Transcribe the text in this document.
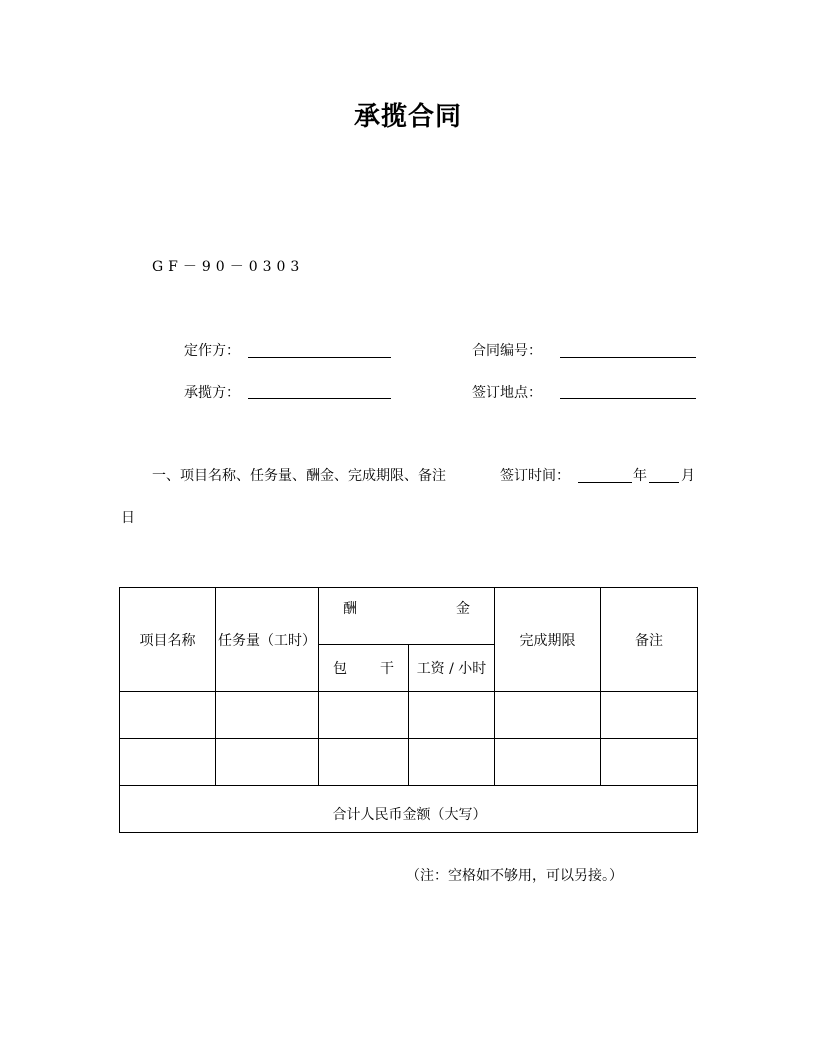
承揽合同
GF－90－0303
定作方：	合同编号：
承揽方：	签订地点：
一、项目名称、任务量、酬金、完成期限、备注	签订时间：	年 月
日
项目名称	任务量（工时）	酬 金		完成期限	备注

		包 干	工资 / 小时		

合计人民币金额（大写）					
（注：空格如不够用，可以另接。）
